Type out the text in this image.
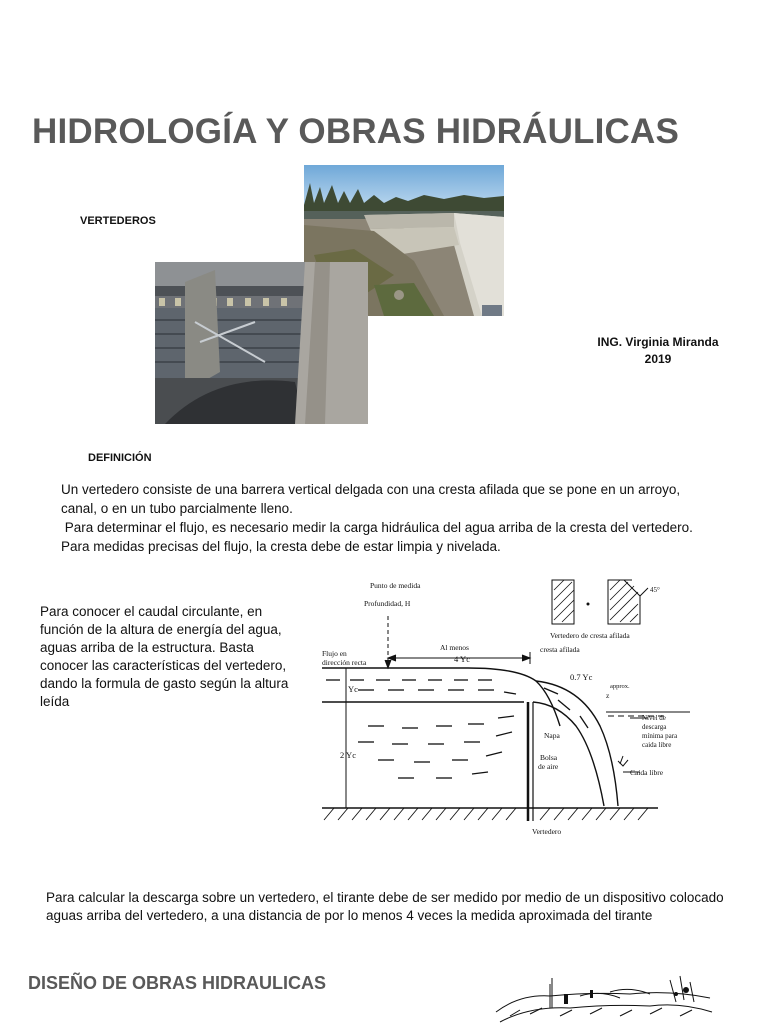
HIDROLOGÍA Y OBRAS HIDRÁULICAS
VERTEDEROS
ING. Virginia Miranda
2019
DEFINICIÓN

Un vertedero consiste de una barrera vertical delgada con una cresta afilada que se pone en un arroyo, canal, o en un tubo parcialmente lleno.

Para determinar el flujo, es necesario medir la carga hidráulica del agua arriba de la cresta del vertedero. Para medidas precisas del flujo, la cresta debe de estar limpia y nivelada.

Para conocer el caudal circulante, en función de la altura de energía del agua, aguas arriba de la estructura. Basta conocer las características del vertedero, dando la formula de gasto según la altura leída
Punto de medida
Profundidad, H
Flujo en
dirección recta
Al menos
4 Yc
cresta afilada
Vertedero de cresta afilada
45°
Yc
2 Yc
0.7 Yc
approx.
z
Nivel de
descarga
mínima para
caida libre
Napa
Bolsa
de aire
Caida libre
Vertedero
Para calcular la descarga sobre un vertedero, el tirante debe de ser medido por medio de un dispositivo colocado aguas arriba del vertedero, a una distancia de por lo menos 4 veces la medida aproximada del tirante
DISEÑO DE OBRAS HIDRAULICAS
